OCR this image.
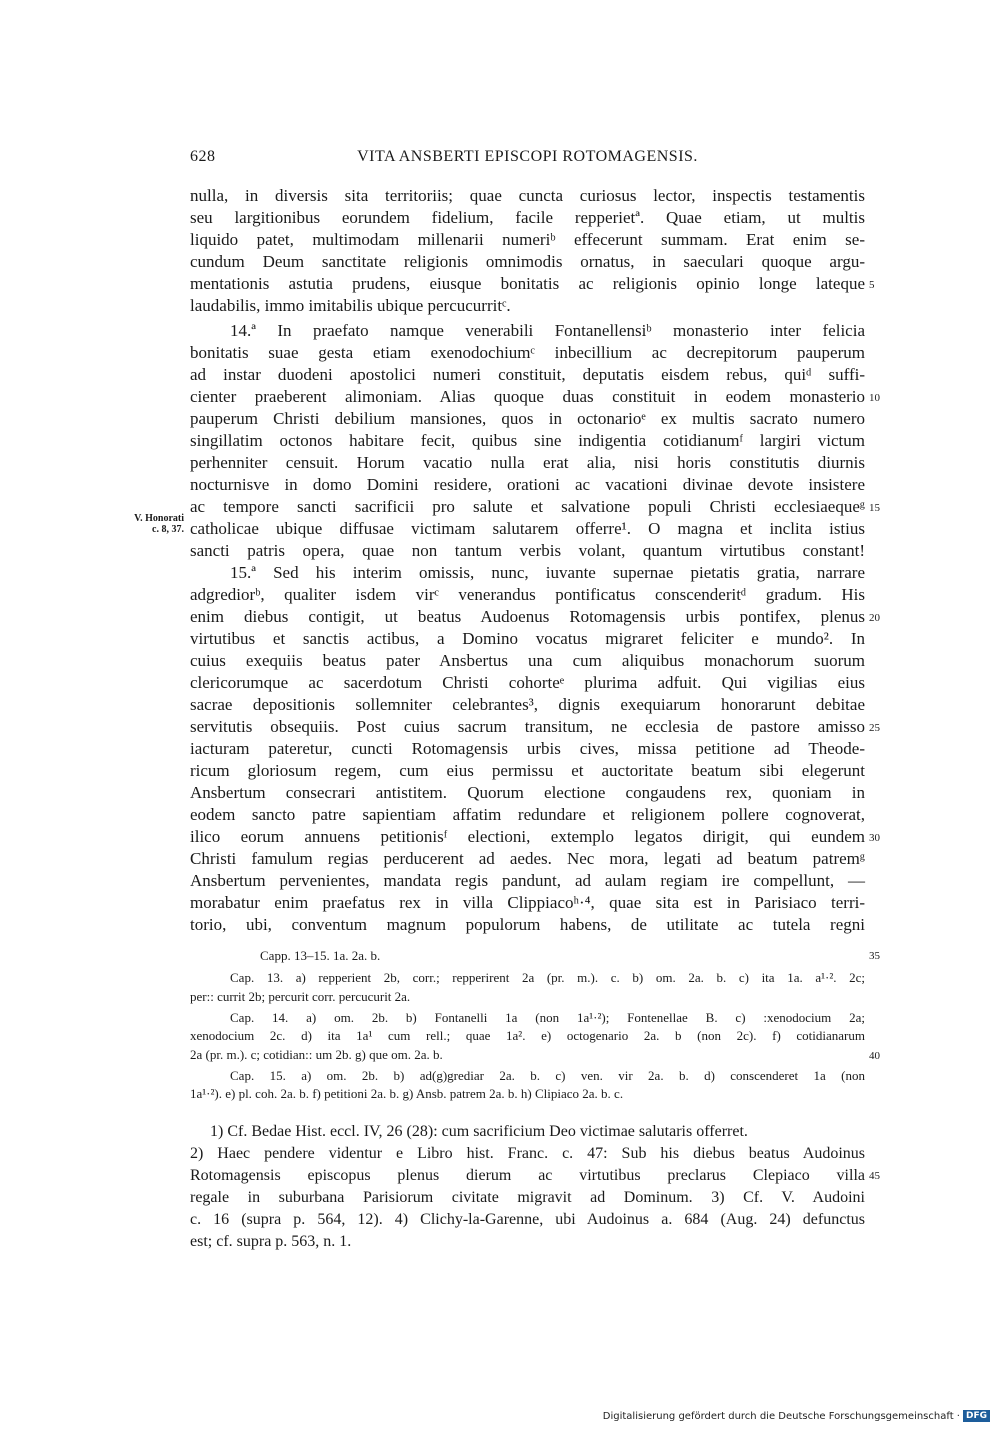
628	VITA ANSBERTI EPISCOPI ROTOMAGENSIS.
nulla, in diversis sita territoriis; quae cuncta curiosus lector, inspectis testamentis
seu largitionibus eorundem fidelium, facile repperietª. Quae etiam, ut multis
liquido patet, multimodam millenarii numeriᵇ effecerunt summam. Erat enim se-
cundum Deum sanctitate religionis omnimodis ornatus, in saeculari quoque argu-
mentationis astutia prudens, eiusque bonitatis ac religionis opinio longe lateque
laudabilis, immo imitabilis ubique percucurritᶜ.
14.ª In praefato namque venerabili Fontanellensiᵇ monasterio inter felicia
bonitatis suae gesta etiam exenodochiumᶜ inbecillium ac decrepitorum pauperum
ad instar duodeni apostolici numeri constituit, deputatis eisdem rebus, quiᵈ suffi-
cienter praeberent alimoniam. Alias quoque duas constituit in eodem monasterio
pauperum Christi debilium mansiones, quos in octonarioᵉ ex multis sacrato numero
singillatim octonos habitare fecit, quibus sine indigentia cotidianumᶠ largiri victum
perhenniter censuit. Horum vacatio nulla erat alia, nisi horis constitutis diurnis
nocturnisve in domo Domini residere, orationi ac vacationi divinae devote insistere
ac tempore sancti sacrificii pro salute et salvatione populi Christi ecclesiaequeᵍ
catholicae ubique diffusae victimam salutarem offerre¹. O magna et inclita istius
sancti patris opera, quae non tantum verbis volant, quantum virtutibus constant!
15.ª Sed his interim omissis, nunc, iuvante supernae pietatis gratia, narrare
adgrediorᵇ, qualiter isdem virᶜ venerandus pontificatus conscenderitᵈ gradum. His
enim diebus contigit, ut beatus Audoenus Rotomagensis urbis pontifex, plenus
virtutibus et sanctis actibus, a Domino vocatus migraret feliciter e mundo². In
cuius exequiis beatus pater Ansbertus una cum aliquibus monachorum suorum
clericorumque ac sacerdotum Christi cohorteᵉ plurima adfuit. Qui vigilias eius
sacrae depositionis sollemniter celebrantes³, dignis exequiarum honorarunt debitae
servitutis obsequiis. Post cuius sacrum transitum, ne ecclesia de pastore amisso
iacturam pateretur, cuncti Rotomagensis urbis cives, missa petitione ad Theode-
ricum gloriosum regem, cum eius permissu et auctoritate beatum sibi elegerunt
Ansbertum consecrari antistitem. Quorum electione congaudens rex, quoniam in
eodem sancto patre sapientiam affatim redundare et religionem pollere cognoverat,
ilico eorum annuens petitionisᶠ electioni, extemplo legatos dirigit, qui eundem
Christi famulum regias perducerent ad aedes. Nec mora, legati ad beatum patremᵍ
Ansbertum pervenientes, mandata regis pandunt, ad aulam regiam ire compellunt, —
morabatur enim praefatus rex in villa Clippiacoʰ·⁴, quae sita est in Parisiaco terri-
torio, ubi, conventum magnum populorum habens, de utilitate ac tutela regni
V. Honorati
c. 8, 37.
5
10
15
20
25
30
35
40
45
Capp. 13–15. 1a. 2a. b.
Cap. 13. a) repperient 2b, corr.; repperirent 2a (pr. m.). c. b) om. 2a. b. c) ita 1a. a¹·². 2c;
per:: currit 2b; percurit corr. percucurit 2a.
Cap. 14. a) om. 2b. b) Fontanelli 1a (non 1a¹·²); Fontenellae B. c) :xenodocium 2a;
xenodocium 2c. d) ita 1a¹ cum rell.; quae 1a². e) octogenario 2a. b (non 2c). f) cotidianarum
2a (pr. m.). c; cotidian:: um 2b. g) que om. 2a. b.
Cap. 15. a) om. 2b. b) ad(g)grediar 2a. b. c) ven. vir 2a. b. d) conscenderet 1a (non
1a¹·²). e) pl. coh. 2a. b. f) petitioni 2a. b. g) Ansb. patrem 2a. b. h) Clipiaco 2a. b. c.
1) Cf. Bedae Hist. eccl. IV, 26 (28): cum sacrificium Deo victimae salutaris offerret.
2) Haec pendere videntur e Libro hist. Franc. c. 47: Sub his diebus beatus Audoinus
Rotomagensis episcopus plenus dierum ac virtutibus preclarus Clepiaco villa
regale in suburbana Parisiorum civitate migravit ad Dominum. 3) Cf. V. Audoini
c. 16 (supra p. 564, 12). 4) Clichy-la-Garenne, ubi Audoinus a. 684 (Aug. 24) defunctus
est; cf. supra p. 563, n. 1.
Digitalisierung gefördert durch die Deutsche Forschungsgemeinschaft · DFG
